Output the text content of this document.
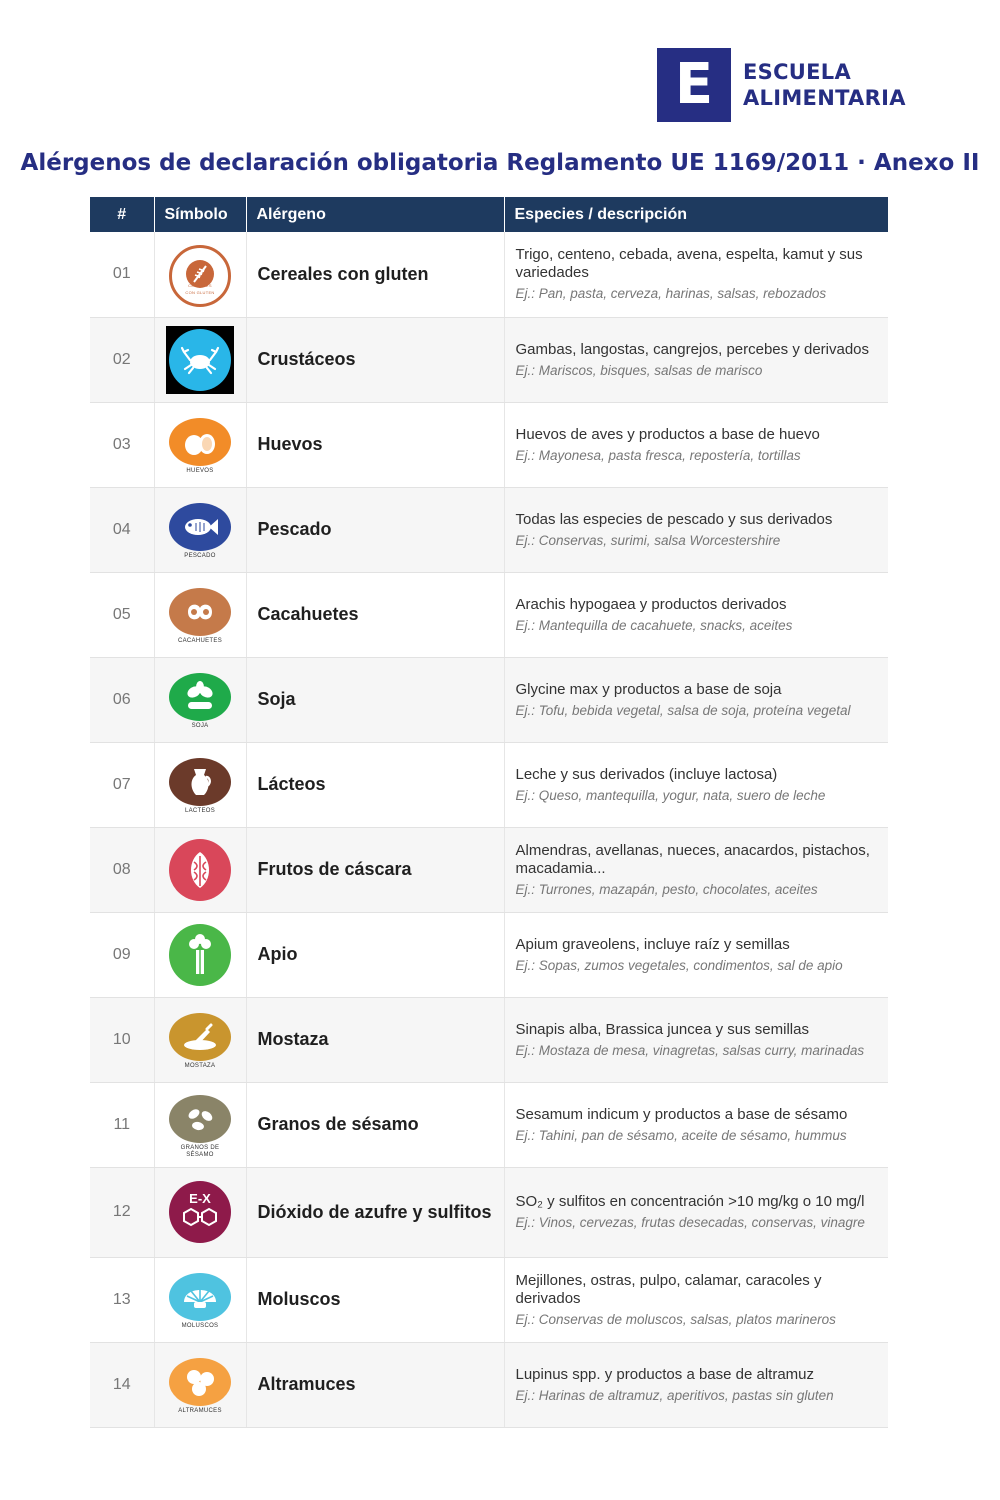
E	ESCUELA
ALIMENTARIA
Alérgenos de declaración obligatoria Reglamento UE 1169/2011 · Anexo II
#	Símbolo	Alérgeno	Especies / descripción
01	CEREALES CON GLUTEN	Cereales con gluten	Trigo, centeno, cebada, avena, espelta, kamut y sus variedades
Ej.: Pan, pasta, cerveza, harinas, salsas, rebozados

02		Crustáceos	Gambas, langostas, cangrejos, percebes y derivados
Ej.: Mariscos, bisques, salsas de marisco

03	HUEVOS	Huevos	Huevos de aves y productos a base de huevo
Ej.: Mayonesa, pasta fresca, repostería, tortillas

04	PESCADO	Pescado	Todas las especies de pescado y sus derivados
Ej.: Conservas, surimi, salsa Worcestershire

05	CACAHUETES	Cacahuetes	Arachis hypogaea y productos derivados
Ej.: Mantequilla de cacahuete, snacks, aceites

06	SOJA	Soja	Glycine max y productos a base de soja
Ej.: Tofu, bebida vegetal, salsa de soja, proteína vegetal

07	LACTEOS	Lácteos	Leche y sus derivados (incluye lactosa)
Ej.: Queso, mantequilla, yogur, nata, suero de leche

08		Frutos de cáscara	Almendras, avellanas, nueces, anacardos, pistachos, macadamia...
Ej.: Turrones, mazapán, pesto, chocolates, aceites

09		Apio	Apium graveolens, incluye raíz y semillas
Ej.: Sopas, zumos vegetales, condimentos, sal de apio

10	MOSTAZA	Mostaza	Sinapis alba, Brassica juncea y sus semillas
Ej.: Mostaza de mesa, vinagretas, salsas curry, marinadas

11	GRANOS DE SÉSAMO	Granos de sésamo	Sesamum indicum y productos a base de sésamo
Ej.: Tahini, pan de sésamo, aceite de sésamo, hummus

12	E-X	Dióxido de azufre y sulfitos	SO₂ y sulfitos en concentración >10 mg/kg o 10 mg/l
Ej.: Vinos, cervezas, frutas desecadas, conservas, vinagre

13	MOLUSCOS	Moluscos	Mejillones, ostras, pulpo, calamar, caracoles y derivados
Ej.: Conservas de moluscos, salsas, platos marineros

14	ALTRAMUCES	Altramuces	Lupinus spp. y productos a base de altramuz
Ej.: Harinas de altramuz, aperitivos, pastas sin gluten
